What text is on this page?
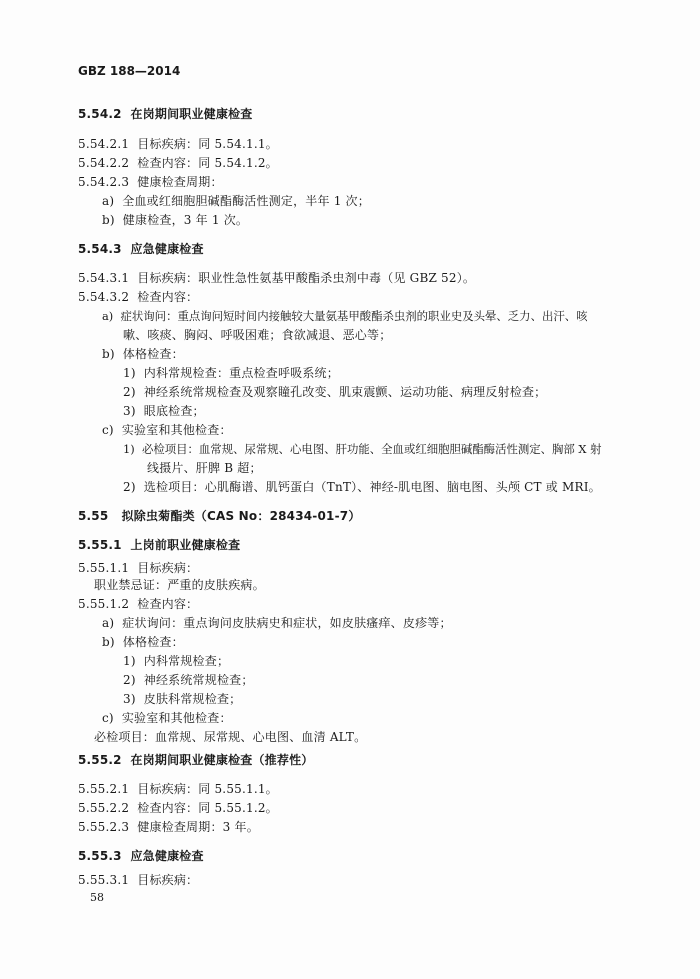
GBZ 188—2014
5.54.2 在岗期间职业健康检查
5.54.2.1 目标疾病：同 5.54.1.1。
5.54.2.2 检查内容：同 5.54.1.2。
5.54.2.3 健康检查周期：
a) 全血或红细胞胆碱酯酶活性测定，半年 1 次；
b) 健康检查，3 年 1 次。
5.54.3 应急健康检查
5.54.3.1 目标疾病：职业性急性氨基甲酸酯杀虫剂中毒（见 GBZ 52）。
5.54.3.2 检查内容：
a) 症状询问：重点询问短时间内接触较大量氨基甲酸酯杀虫剂的职业史及头晕、乏力、出汗、咳
嗽、咳痰、胸闷、呼吸困难；食欲减退、恶心等；
b) 体格检查：
1) 内科常规检查：重点检查呼吸系统；
2) 神经系统常规检查及观察瞳孔改变、肌束震颤、运动功能、病理反射检查；
3) 眼底检查；
c) 实验室和其他检查：
1) 必检项目：血常规、尿常规、心电图、肝功能、全血或红细胞胆碱酯酶活性测定、胸部 X 射
线摄片、肝脾 B 超；
2) 选检项目：心肌酶谱、肌钙蛋白（TnT）、神经-肌电图、脑电图、头颅 CT 或 MRI。
5.55 拟除虫菊酯类（CAS No：28434-01-7）
5.55.1 上岗前职业健康检查
5.55.1.1 目标疾病：
职业禁忌证：严重的皮肤疾病。
5.55.1.2 检查内容：
a) 症状询问：重点询问皮肤病史和症状，如皮肤瘙痒、皮疹等；
b) 体格检查：
1) 内科常规检查；
2) 神经系统常规检查；
3) 皮肤科常规检查；
c) 实验室和其他检查：
必检项目：血常规、尿常规、心电图、血清 ALT。
5.55.2 在岗期间职业健康检查（推荐性）
5.55.2.1 目标疾病：同 5.55.1.1。
5.55.2.2 检查内容：同 5.55.1.2。
5.55.2.3 健康检查周期：3 年。
5.55.3 应急健康检查
5.55.3.1 目标疾病：
58
